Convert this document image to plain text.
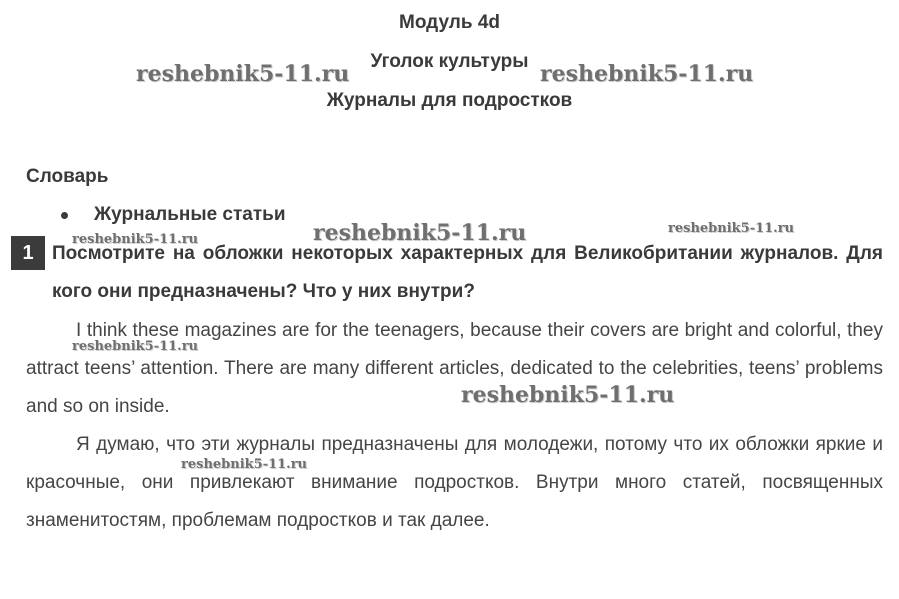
Модуль 4d
Уголок культуры
Журналы для подростков
Словарь
Журнальные статьи
1 Посмотрите на обложки некоторых характерных для Великобритании журналов. Для кого они предназначены? Что у них внутри?
I think these magazines are for the teenagers, because their covers are bright and colorful, they attract teens’ attention. There are many different articles, dedicated to the celebrities, teens’ problems and so on inside.
Я думаю, что эти журналы предназначены для молодежи, потому что их обложки яркие и красочные, они привлекают внимание подростков. Внутри много статей, посвященных знаменитостям, проблемам подростков и так далее.
reshebnik5-11.ru	reshebnik5-11.ru
reshebnik5-11.ru	reshebnik5-11.ru
reshebnik5-11.ru
reshebnik5-11.ru
reshebnik5-11.ru
reshebnik5-11.ru
